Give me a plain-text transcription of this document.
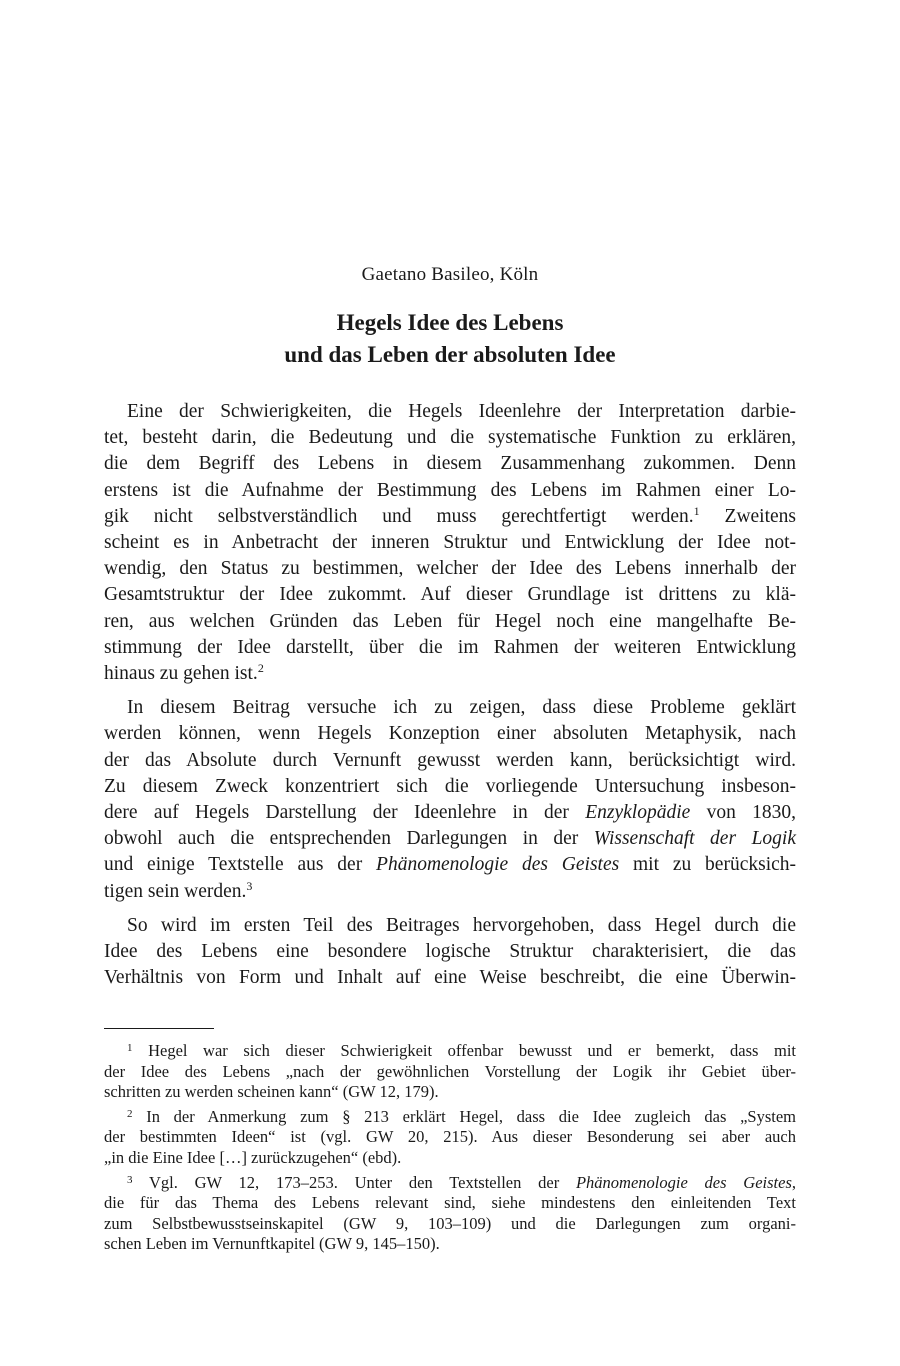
Gaetano Basileo, Köln
Hegels Idee des Lebens
und das Leben der absoluten Idee

Eine der Schwierigkeiten, die Hegels Ideenlehre der Interpretation darbie-
tet, besteht darin, die Bedeutung und die systematische Funktion zu erklären,
die dem Begriff des Lebens in diesem Zusammenhang zukommen. Denn
erstens ist die Aufnahme der Bestimmung des Lebens im Rahmen einer Lo-
gik nicht selbstverständlich und muss gerechtfertigt werden.$^1$ Zweitens
scheint es in Anbetracht der inneren Struktur und Entwicklung der Idee not-
wendig, den Status zu bestimmen, welcher der Idee des Lebens innerhalb der
Gesamtstruktur der Idee zukommt. Auf dieser Grundlage ist drittens zu klä-
ren, aus welchen Gründen das Leben für Hegel noch eine mangelhafte Be-
stimmung der Idee darstellt, über die im Rahmen der weiteren Entwicklung
hinaus zu gehen ist.$^2$

In diesem Beitrag versuche ich zu zeigen, dass diese Probleme geklärt
werden können, wenn Hegels Konzeption einer absoluten Metaphysik, nach
der das Absolute durch Vernunft gewusst werden kann, berücksichtigt wird.
Zu diesem Zweck konzentriert sich die vorliegende Untersuchung insbeson-
dere auf Hegels Darstellung der Ideenlehre in der Enzyklopädie von 1830,
obwohl auch die entsprechenden Darlegungen in der Wissenschaft der Logik
und einige Textstelle aus der Phänomenologie des Geistes mit zu berücksich-
tigen sein werden.$^3$

So wird im ersten Teil des Beitrages hervorgehoben, dass Hegel durch die
Idee des Lebens eine besondere logische Struktur charakterisiert, die das
Verhältnis von Form und Inhalt auf eine Weise beschreibt, die eine Überwin-

$^1$ Hegel war sich dieser Schwierigkeit offenbar bewusst und er bemerkt, dass mit
der Idee des Lebens „nach der gewöhnlichen Vorstellung der Logik ihr Gebiet über-
schritten zu werden scheinen kann“ (GW 12, 179).
$^2$ In der Anmerkung zum § 213 erklärt Hegel, dass die Idee zugleich das „System
der bestimmten Ideen“ ist (vgl. GW 20, 215). Aus dieser Besonderung sei aber auch
„in die Eine Idee […] zurückzugehen“ (ebd).
$^3$ Vgl. GW 12, 173–253. Unter den Textstellen der Phänomenologie des Geistes,
die für das Thema des Lebens relevant sind, siehe mindestens den einleitenden Text
zum Selbstbewusstseinskapitel (GW 9, 103–109) und die Darlegungen zum organi-
schen Leben im Vernunftkapitel (GW 9, 145–150).
